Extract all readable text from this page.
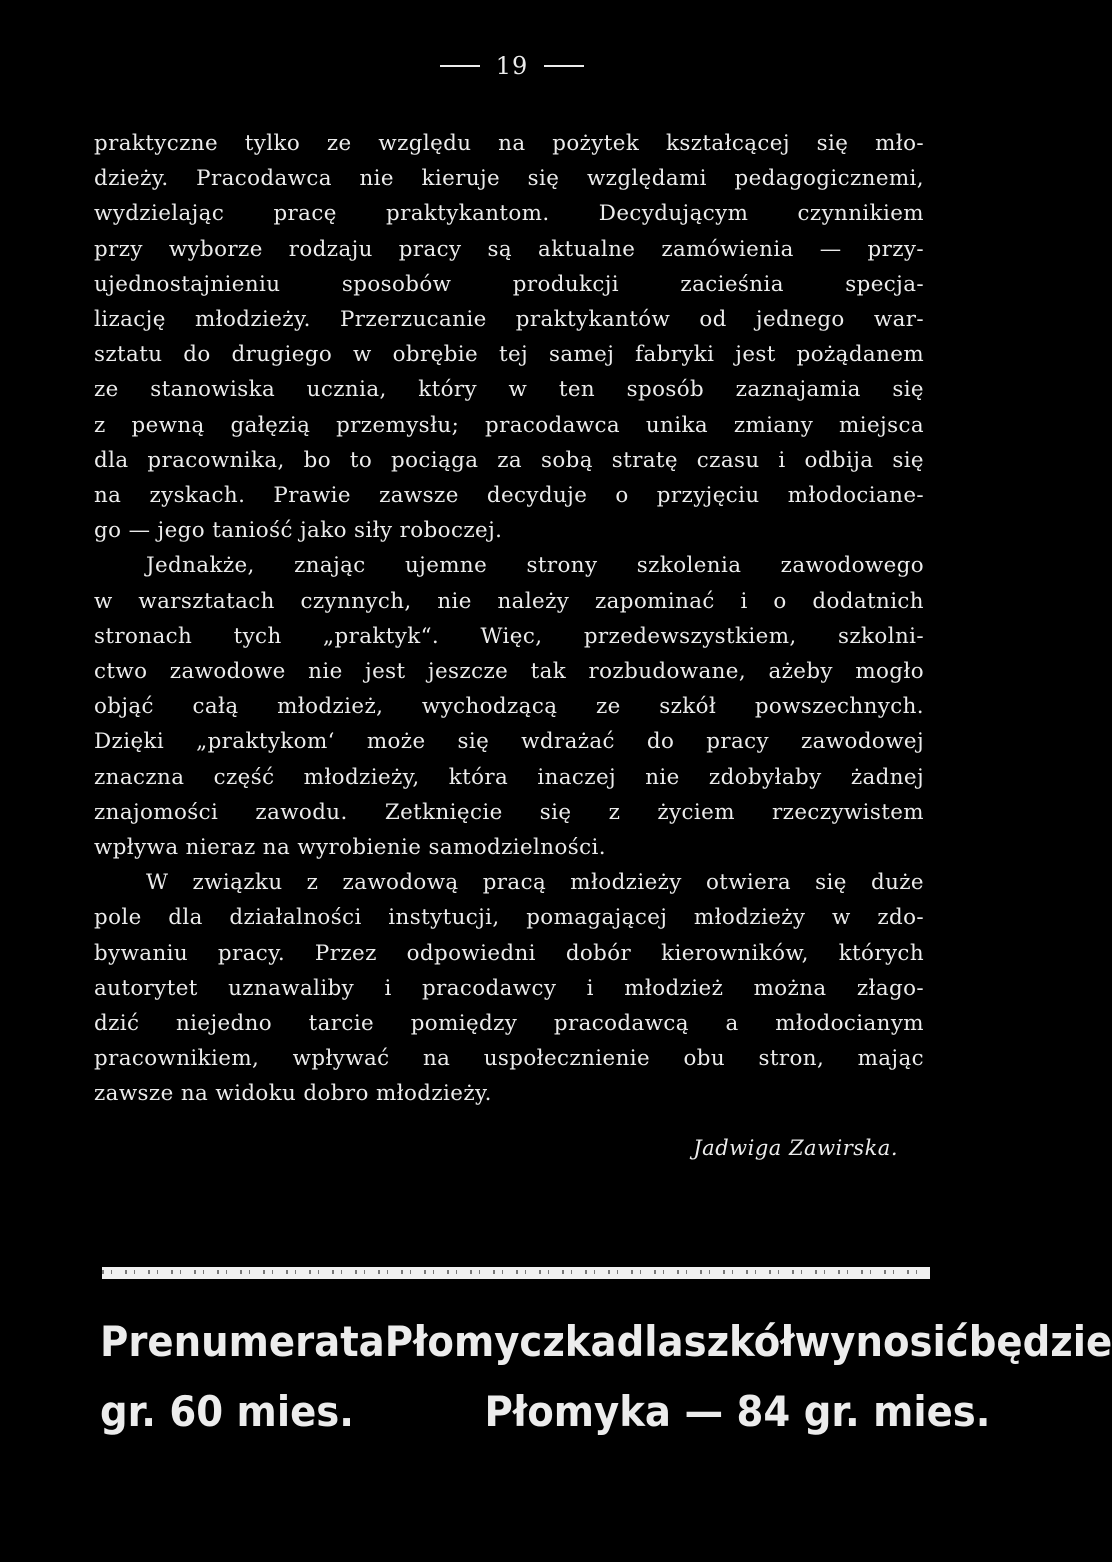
19
praktyczne tylko ze względu na pożytek kształcącej się mło-
dzieży. Pracodawca nie kieruje się względami pedagogicznemi,
wydzielając pracę praktykantom. Decydującym czynnikiem
przy wyborze rodzaju pracy są aktualne zamówienia — przy-
ujednostajnieniu sposobów produkcji zacieśnia specja-
lizację młodzieży. Przerzucanie praktykantów od jednego war-
sztatu do drugiego w obrębie tej samej fabryki jest pożądanem
ze stanowiska ucznia, który w ten sposób zaznajamia się
z pewną gałęzią przemysłu; pracodawca unika zmiany miejsca
dla pracownika, bo to pociąga za sobą stratę czasu i odbija się
na zyskach. Prawie zawsze decyduje o przyjęciu młodociane-
go — jego taniość jako siły roboczej.
Jednakże, znając ujemne strony szkolenia zawodowego
w warsztatach czynnych, nie należy zapominać i o dodatnich
stronach tych „praktyk“. Więc, przedewszystkiem, szkolni-
ctwo zawodowe nie jest jeszcze tak rozbudowane, ażeby mogło
objąć całą młodzież, wychodzącą ze szkół powszechnych.
Dzięki „praktykom‘ może się wdrażać do pracy zawodowej
znaczna część młodzieży, która inaczej nie zdobyłaby żadnej
znajomości zawodu. Zetknięcie się z życiem rzeczywistem
wpływa nieraz na wyrobienie samodzielności.
W związku z zawodową pracą młodzieży otwiera się duże
pole dla działalności instytucji, pomagającej młodzieży w zdo-
bywaniu pracy. Przez odpowiedni dobór kierowników, których
autorytet uznawaliby i pracodawcy i młodzież można złago-
dzić niejedno tarcie pomiędzy pracodawcą a młodocianym
pracownikiem, wpływać na uspołecznienie obu stron, mając
zawsze na widoku dobro młodzieży.
Jadwiga Zawirska.
Prenumerata Płomyczka dla szkół wynosić będzie
gr. 60 mies.	Płomyka — 84 gr. mies.
